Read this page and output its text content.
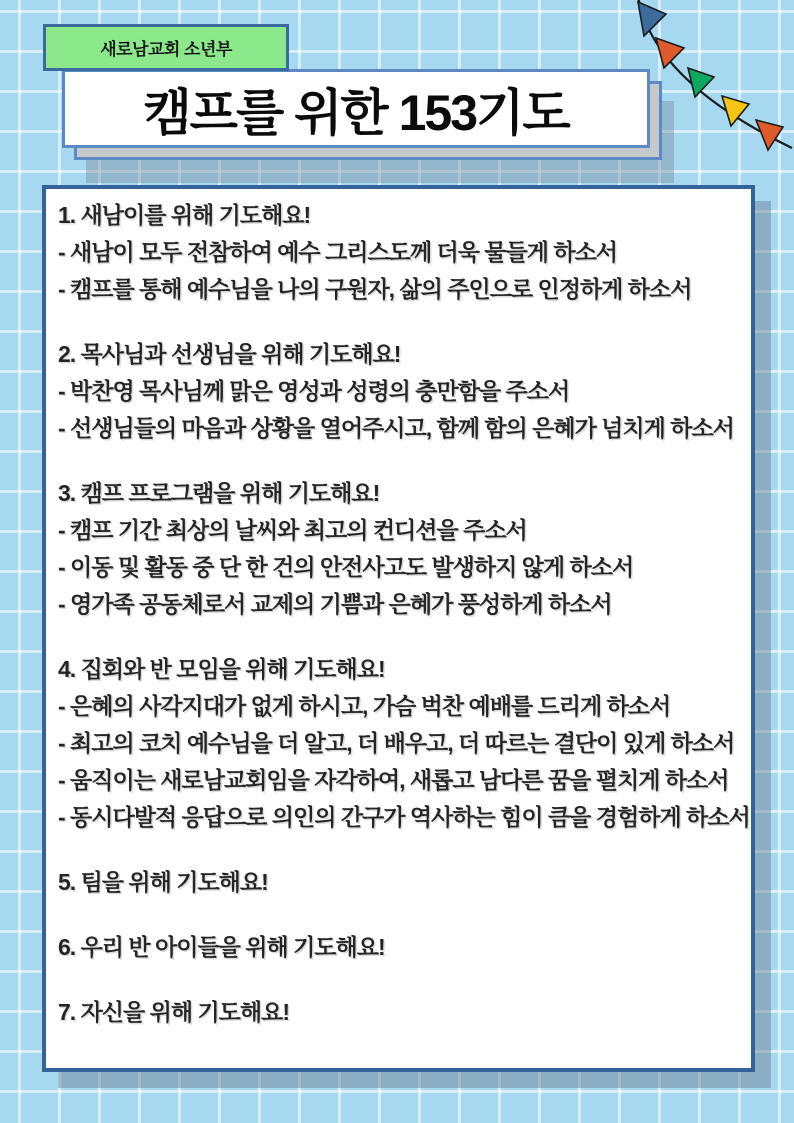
새로남교회 소년부
캠프를 위한 153기도
1. 새남이를 위해 기도해요!
- 새남이 모두 전참하여 예수 그리스도께 더욱 물들게 하소서
- 캠프를 통해 예수님을 나의 구원자, 삶의 주인으로 인정하게 하소서
2. 목사님과 선생님을 위해 기도해요!
- 박찬영 목사님께 맑은 영성과 성령의 충만함을 주소서
- 선생님들의 마음과 상황을 열어주시고, 함께 함의 은혜가 넘치게 하소서
3. 캠프 프로그램을 위해 기도해요!
- 캠프 기간 최상의 날씨와 최고의 컨디션을 주소서
- 이동 및 활동 중 단 한 건의 안전사고도 발생하지 않게 하소서
- 영가족 공동체로서 교제의 기쁨과 은혜가 풍성하게 하소서
4. 집회와 반 모임을 위해 기도해요!
- 은혜의 사각지대가 없게 하시고, 가슴 벅찬 예배를 드리게 하소서
- 최고의 코치 예수님을 더 알고, 더 배우고, 더 따르는 결단이 있게 하소서
- 움직이는 새로남교회임을 자각하여, 새롭고 남다른 꿈을 펼치게 하소서
- 동시다발적 응답으로 의인의 간구가 역사하는 힘이 큼을 경험하게 하소서
5. 팀을 위해 기도해요!
6. 우리 반 아이들을 위해 기도해요!
7. 자신을 위해 기도해요!
